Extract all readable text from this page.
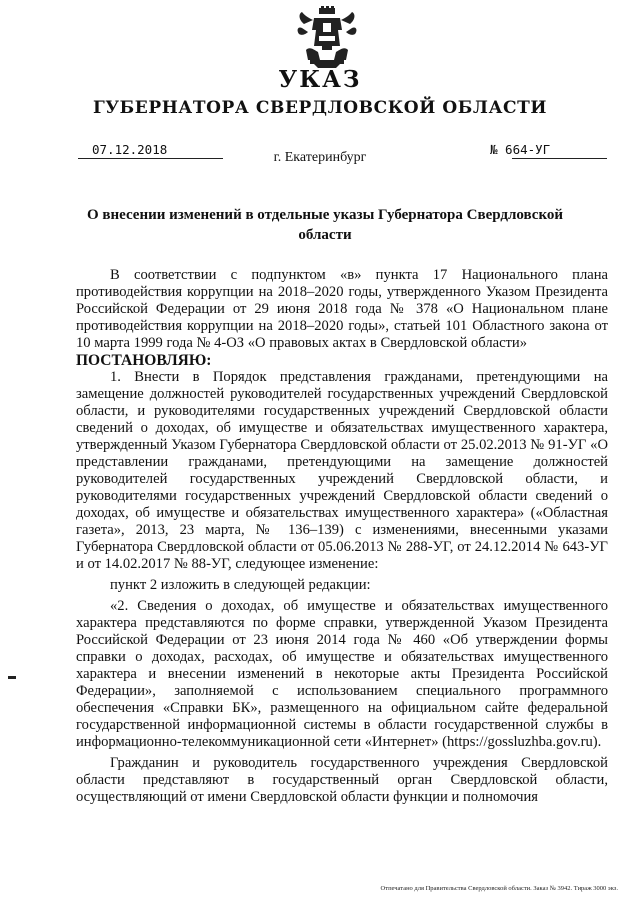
УКАЗ
ГУБЕРНАТОРА СВЕРДЛОВСКОЙ ОБЛАСТИ
07.12.2018	№ 664-УГ
г. Екатеринбург
О внесении изменений в отдельные указы Губернатора Свердловской области

В соответствии с подпунктом «в» пункта 17 Национального плана противодействия коррупции на 2018–2020 годы, утвержденного Указом Президента Российской Федерации от 29 июня 2018 года № 378 «О Национальном плане противодействия коррупции на 2018–2020 годы», статьей 101 Областного закона от 10 марта 1999 года № 4-ОЗ «О правовых актах в Свердловской области»

ПОСТАНОВЛЯЮ:

1. Внести в Порядок представления гражданами, претендующими на замещение должностей руководителей государственных учреждений Свердловской области, и руководителями государственных учреждений Свердловской области сведений о доходах, об имуществе и обязательствах имущественного характера, утвержденный Указом Губернатора Свердловской области от 25.02.2013 № 91-УГ «О представлении гражданами, претендующими на замещение должностей руководителей государственных учреждений Свердловской области, и руководителями государственных учреждений Свердловской области сведений о доходах, об имуществе и обязательствах имущественного характера» («Областная газета», 2013, 23 марта, № 136–139) с изменениями, внесенными указами Губернатора Свердловской области от 05.06.2013 № 288-УГ, от 24.12.2014 № 643-УГ и от 14.02.2017 № 88-УГ, следующее изменение:

пункт 2 изложить в следующей редакции:

«2. Сведения о доходах, об имуществе и обязательствах имущественного характера представляются по форме справки, утвержденной Указом Президента Российской Федерации от 23 июня 2014 года № 460 «Об утверждении формы справки о доходах, расходах, об имуществе и обязательствах имущественного характера и внесении изменений в некоторые акты Президента Российской Федерации», заполняемой с использованием специального программного обеспечения «Справки БК», размещенного на официальном сайте федеральной государственной информационной системы в области государственной службы в информационно-телекоммуникационной сети «Интернет» (https://gossluzhba.gov.ru).

Гражданин и руководитель государственного учреждения Свердловской области представляют в государственный орган Свердловской области, осуществляющий от имени Свердловской области функции и полномочия

Отпечатано для Правительства Свердловской области. Заказ № 3942. Тираж 3000 экз.
